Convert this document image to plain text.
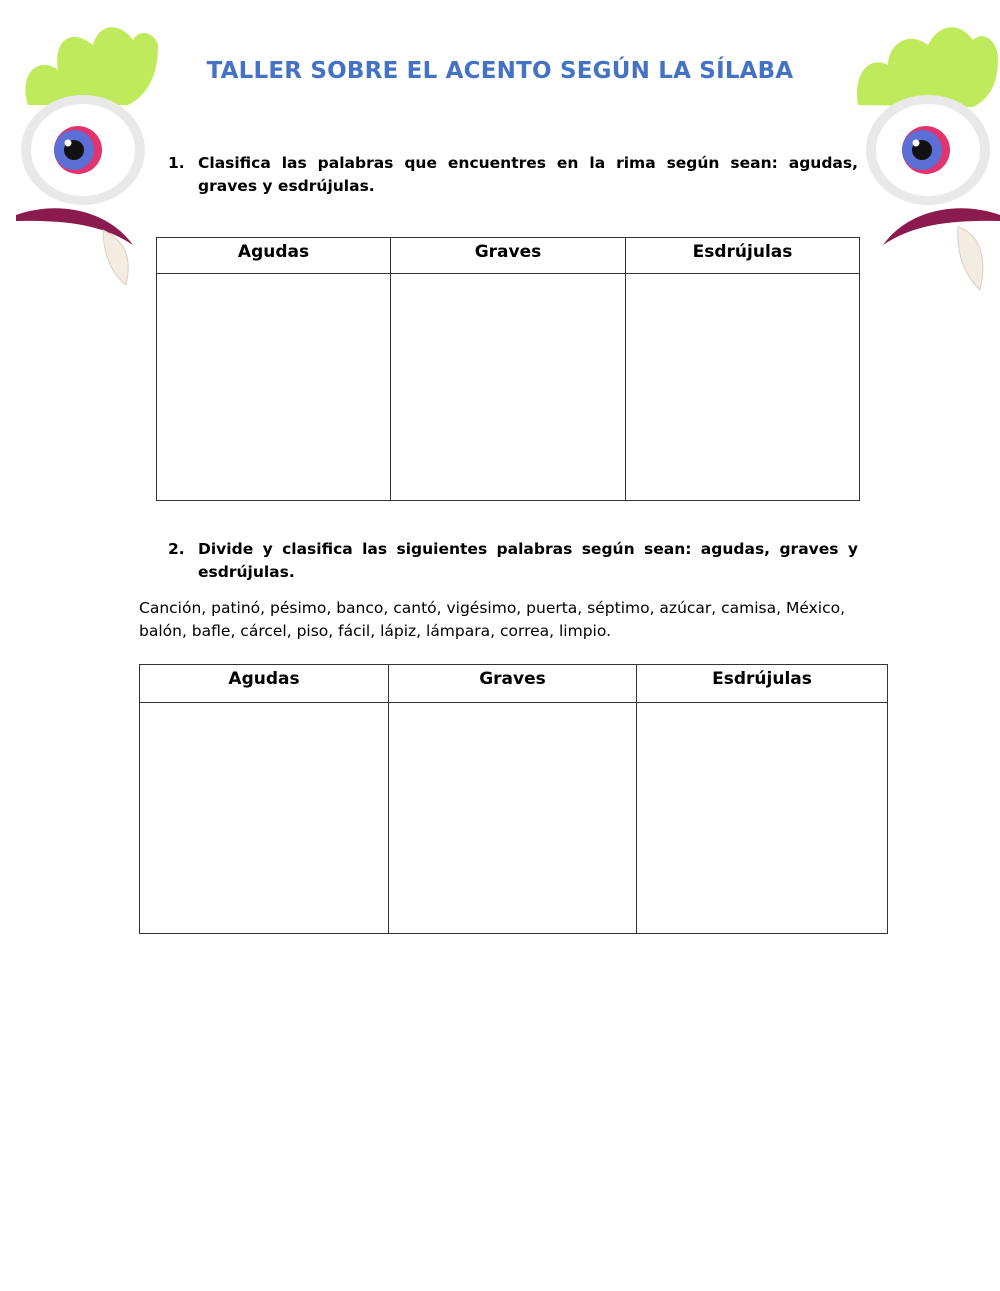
TALLER SOBRE EL ACENTO SEGÚN LA SÍLABA
1. Clasifica las palabras que encuentres en la rima según sean: agudas, graves y esdrújulas.
Agudas	Graves	Esdrújulas

2. Divide y clasifica las siguientes palabras según sean: agudas, graves y esdrújulas.
Canción, patinó, pésimo, banco, cantó, vigésimo, puerta, séptimo, azúcar, camisa, México, balón, bafle, cárcel, piso, fácil, lápiz, lámpara, correa, limpio.
Agudas	Graves	Esdrújulas
